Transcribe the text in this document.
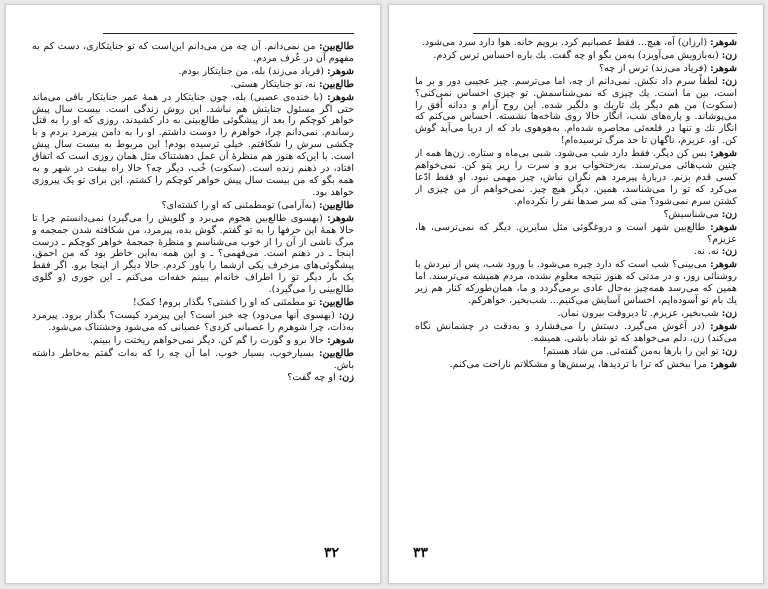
طالع‌بین: من نمی‌دانم. آن چه من می‌دانم این‌است که تو جنایتکاری، دست کم به مفهوم آن در عُرف مردم.
شوهر: (فریاد می‌زند) بله، من جنایتکار بودم.
طالع‌بین: نه، تو جنایتکار هستی.
شوهر: (با خنده‌ی عصبی) بله، چون جنایتکار در همهٔ عمر جنایتکار باقی می‌ماند حتی اگر مسئول جنایتش هم نباشد. این روش زندگی است. بیست سال پیش خواهر کوچکم را بعد از پیشگوئی طالع‌بینی به دار کشیدند، روزی که او را به قتل رساندم. نمی‌دانم چرا، خواهرم را دوست داشتم. او را به دامن پیرمرد بردم و با چکشی سرش را شکافتم. خیلی ترسیده بودم! این مربوط به بیست سال پیش است. با این‌که هنوز هم منظرهٔ آن عمل دهشتناک مثل همان روزی است که اتفاق افتاد، در ذهنم زنده است. (سکوت) خُب، دیگر چه؟ حالا راه بیفت در شهر و به همه بگو که من بیست سال پیش خواهر کوچکم را کشتم. این برای تو یک پیروزی خواهد بود.
طالع‌بین: (به‌آرامی) تومطمئنی که او را کشته‌ای؟
شوهر: (بهسوی طالع‌بین هجوم می‌برد و گلویش را می‌گیرد) نمی‌دانستم چرا تا حالا همهٔ این حرفها را به تو گفتم. گوش بده، پیرمرد، من شکافته شدن جمجمه و مرگ ناشی از آن را از خوب می‌شناسم و منظرهٔ جمجمهٔ خواهر کوچکم ـ درست اینجا ـ در ذهنم است. می‌فهمی؟ ـ و این همه به‌این خاطر بود که من احمق، پیشگوئی‌های مزخرف یکی ازشما را باور کردم. حالا دیگر از اینجا برو. اگر فقط یک بار دیگر تو را اطراف خانه‌ام ببینم خفه‌ات می‌کنم ـ این جوری (و گلوی طالع‌بینی را می‌گیرد).
طالع‌بین: تو مطمئنی که او را کشتی؟ بگذار بروم! کمک!
زن: (بهسوی آنها می‌دود) چه خبر است؟ این پیرمرد کیست؟ بگذار برود. پیرمرد به‌ذات، چرا شوهرم را عصبانی کردی؟ عصبانی که می‌شود وحشتناک می‌شود.
شوهر: حالا برو و گورت را گم کن. دیگر نمی‌خواهم ریختت را ببینم.
طالع‌بین: بسیارخوب، بسیار خوب. اما آن چه را که به‌ات گفتم به‌خاطر داشته باش.
زن: او چه گفت؟
۳۲
شوهر: (ارزان) آه، هیچ... فقط عصبانیم کرد. برویم خانه. هوا دارد سرد می‌شود.
زن: (به‌بازویش می‌آویزد) به‌من بگو او چه گفت. یك باره احساس ترس کردم.
شوهر: (فریاد می‌زند) ترس از چه؟
زن: لطفاً سرم داد نکش. نمی‌دانم از چه، اما می‌ترسم. چیز عجیبی دور و بر ما است، بین ما است. یك چیزی که نمی‌شناسمش. تو چیزی احساس نمی‌کنی؟ (سکوت) من هم دیگر یك تاریك و دلگیر شده. این روح آرام و ددانه اُفق را می‌پوشاند. و پاره‌های شب، انگار حالا روی شاخه‌ها نشسته. احساس می‌کنم که انگار تك و تنها در قلعه‌ئی محاصره شده‌ام. به‌هوهوی باد که از دریا می‌آید گوش کن. او، عزیزم، ناگهان تا حد مرگ ترسیده‌ام!
شوهر: بس کن دیگر. فقط دارد شب می‌شود. شبی بی‌ماه و ستاره. زن‌ها همه از چنین شب‌هائی می‌ترسند. به‌رختخواب برو و سرت را زیر پتو کن. نمی‌خواهم کسی قدم بزنم. دربارهٔ پیرمرد هم نگران نباش، چیز مهمی نبود. او فقط ادّعا می‌کرد که تو را می‌شناسد، همین. دیگر هیچ چیز. نمی‌خواهم از من چیزی از کشتن سرم نمی‌شود؟ منی که سر صدها نفر را نکرده‌ام.
زن: می‌شناسیش؟
شوهر: طالع‌بین شهر است و دروغگوئی مثل سایرین. دیگر که نمی‌ترسی، ها، عزیزم؟
زن: نه. نه.
شوهر: می‌بینی؟ شب است که دارد چیره می‌شود. با ورود شب، پس از نبردش با روشنائی روز، و در مدتی که هنوز نتیجه معلوم نشده، مردم همیشه می‌ترسند. اما همین که می‌رسد همه‌چیز به‌حال عادی برمی‌گردد و ما، همان‌طورکه کنار هم زیر یك بام نو آسوده‌ایم، احساس آسایش می‌کنیم... شب‌بخیر، خواهرکم.
زن: شب‌بخیر، عزیزم. تا دیروقت بیرون نمان.
شوهر: (در آغوش می‌گیرد. دستش را می‌فشارد و به‌دقت در چشمانش نگاه می‌کند) زن، دلم می‌خواهد که تو شاد باشی. همیشه.
زن: تو این را بارها به‌من گفته‌ئی. من شاد هستم!
شوهر: مرا ببخش که ترا با تردیدها، پرسش‌ها و مشکلاتم ناراحت می‌کنم.
۳۳
